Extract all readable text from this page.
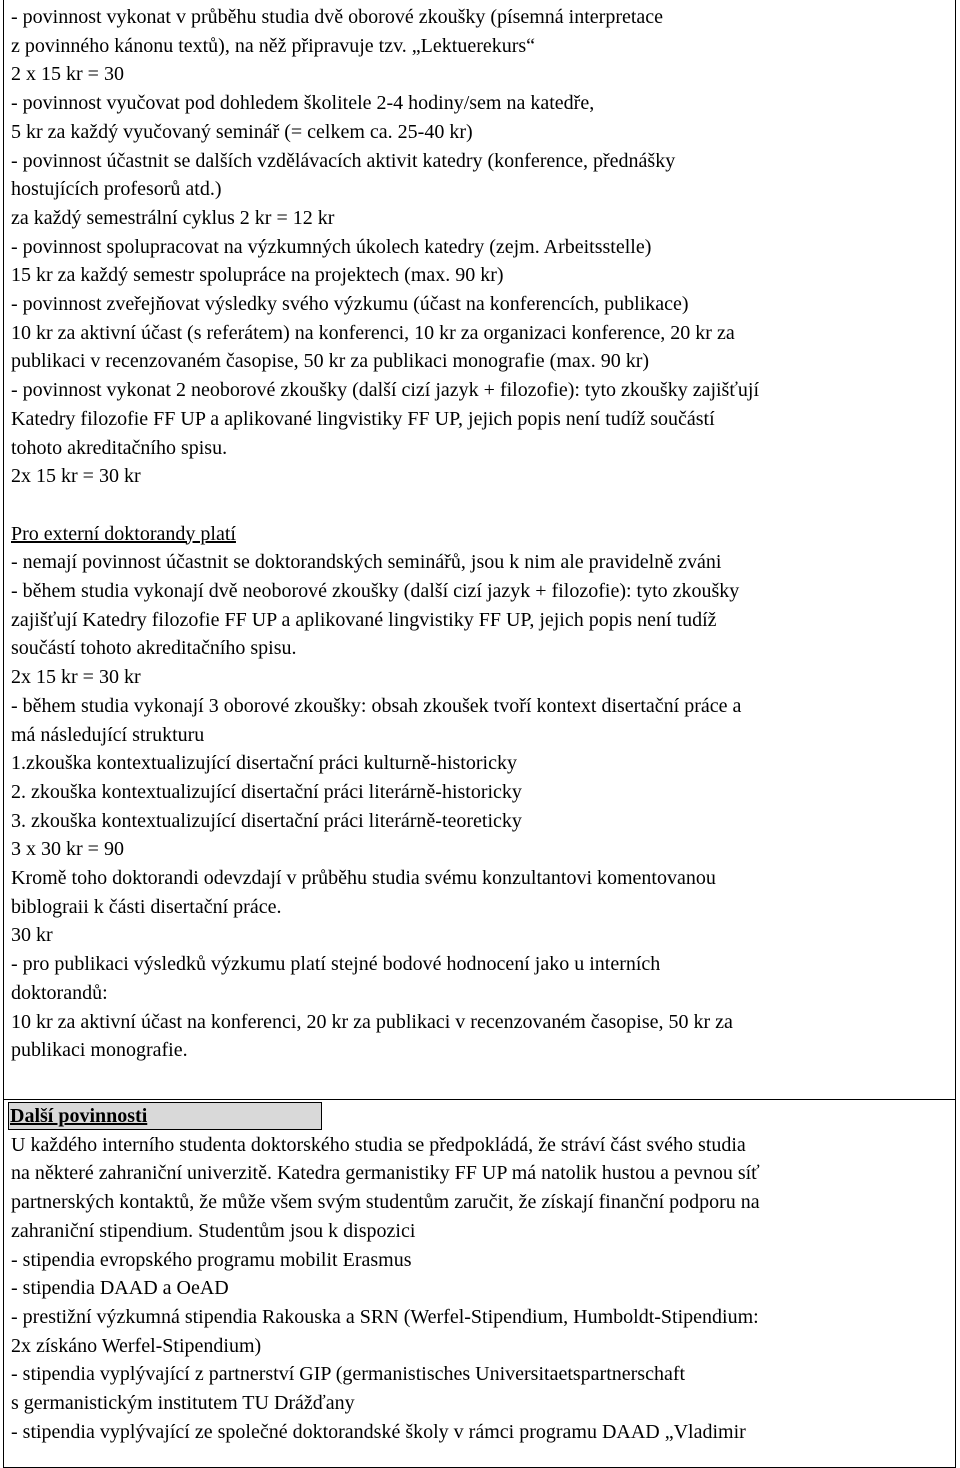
- povinnost vykonat v průběhu studia dvě oborové zkoušky (písemná interpretace
z povinného kánonu textů), na něž připravuje tzv. „Lektuerekurs“
2 x 15 kr = 30
- povinnost vyučovat pod dohledem školitele 2-4 hodiny/sem na katedře,
5 kr za každý vyučovaný seminář (= celkem ca. 25-40 kr)
- povinnost účastnit se dalších vzdělávacích aktivit katedry (konference, přednášky
hostujících profesorů atd.)
za každý semestrální cyklus 2 kr = 12 kr
- povinnost spolupracovat na výzkumných úkolech katedry (zejm. Arbeitsstelle)
15 kr za každý semestr spolupráce na projektech (max. 90 kr)
- povinnost zveřejňovat výsledky svého výzkumu (účast na konferencích, publikace)
10 kr za aktivní účast (s referátem) na konferenci, 10 kr za organizaci konference, 20 kr za
publikaci v recenzovaném časopise, 50 kr za publikaci monografie (max. 90 kr)
- povinnost vykonat 2 neoborové zkoušky (další cizí jazyk + filozofie): tyto zkoušky zajišťují
Katedry filozofie FF UP a aplikované lingvistiky FF UP, jejich popis není tudíž součástí
tohoto akreditačního spisu.
2x 15 kr = 30 kr
Pro externí doktorandy platí
- nemají povinnost účastnit se doktorandských seminářů, jsou k nim ale pravidelně zváni
- během studia vykonají dvě neoborové zkoušky (další cizí jazyk + filozofie): tyto zkoušky
zajišťují Katedry filozofie FF UP a aplikované lingvistiky FF UP, jejich popis není tudíž
součástí tohoto akreditačního spisu.
2x 15 kr = 30 kr
- během studia vykonají 3 oborové zkoušky: obsah zkoušek tvoří kontext disertační práce a
má následující strukturu
1.zkouška kontextualizující disertační práci kulturně-historicky
2. zkouška kontextualizující disertační práci literárně-historicky
3. zkouška kontextualizující disertační práci literárně-teoreticky
3 x 30 kr = 90
Kromě toho doktorandi odevzdají v průběhu studia svému konzultantovi komentovanou
biblograii k části disertační práce.
30 kr
- pro publikaci výsledků výzkumu platí stejné bodové hodnocení jako u interních
doktorandů:
10 kr za aktivní účast na konferenci, 20 kr za publikaci v recenzovaném časopise, 50 kr za
publikaci monografie.
Další povinnosti
U každého interního studenta doktorského studia se předpokládá, že stráví část svého studia
na některé zahraniční univerzitě. Katedra germanistiky FF UP má natolik hustou a pevnou síť
partnerských kontaktů, že může všem svým studentům zaručit, že získají finanční podporu na
zahraniční stipendium. Studentům jsou k dispozici
- stipendia evropského programu mobilit Erasmus
- stipendia DAAD a OeAD
- prestižní výzkumná stipendia Rakouska a SRN (Werfel-Stipendium, Humboldt-Stipendium:
2x získáno Werfel-Stipendium)
- stipendia vyplývající z partnerství GIP (germanistisches Universitaetspartnerschaft
s germanistickým institutem TU Drážďany
- stipendia vyplývající ze společné doktorandské školy v rámci programu DAAD „Vladimir
